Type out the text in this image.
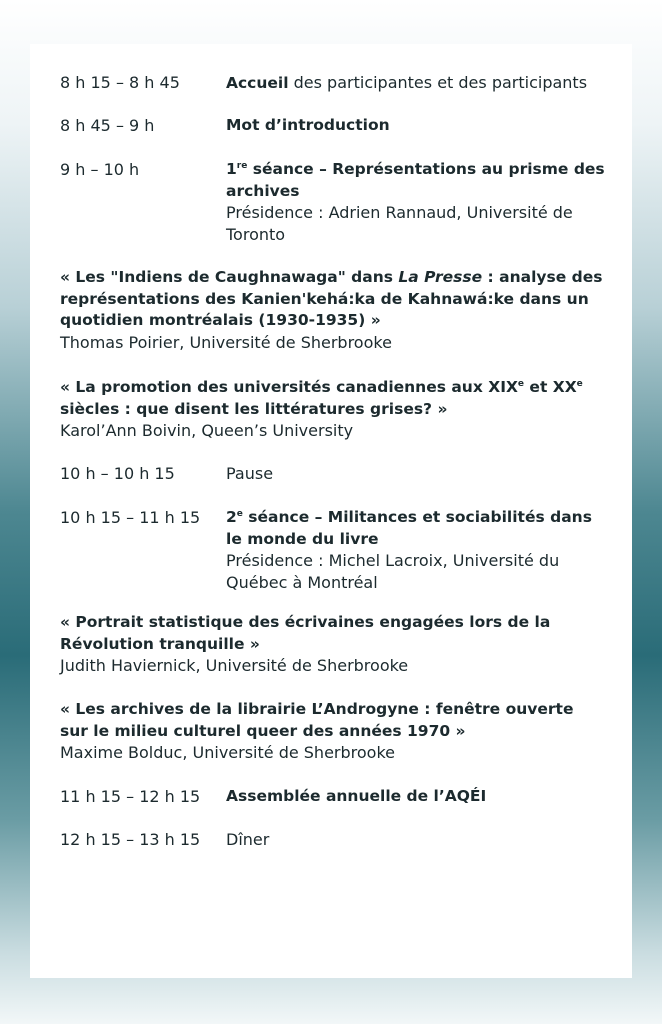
8 h 15 – 8 h 45	Accueil des participantes et des participants
8 h 45 – 9 h	Mot d’introduction
9 h – 10 h	1re séance – Représentations au prisme des archives
Présidence : Adrien Rannaud, Université de Toronto
« Les "Indiens de Caughnawaga" dans La Presse : analyse des représentations des Kanien'kehá:ka de Kahnawá:ke dans un quotidien montréalais (1930-1935) »
Thomas Poirier, Université de Sherbrooke
« La promotion des universités canadiennes aux XIXe et XXe siècles : que disent les littératures grises? »
Karol’Ann Boivin, Queen’s University
10 h – 10 h 15	Pause
10 h 15 – 11 h 15	2e séance – Militances et sociabilités dans le monde du livre
Présidence : Michel Lacroix, Université du Québec à Montréal
« Portrait statistique des écrivaines engagées lors de la Révolution tranquille »
Judith Haviernick, Université de Sherbrooke
« Les archives de la librairie L’Androgyne : fenêtre ouverte sur le milieu culturel queer des années 1970 »
Maxime Bolduc, Université de Sherbrooke
11 h 15 – 12 h 15	Assemblée annuelle de l’AQÉI
12 h 15 – 13 h 15	Dîner
